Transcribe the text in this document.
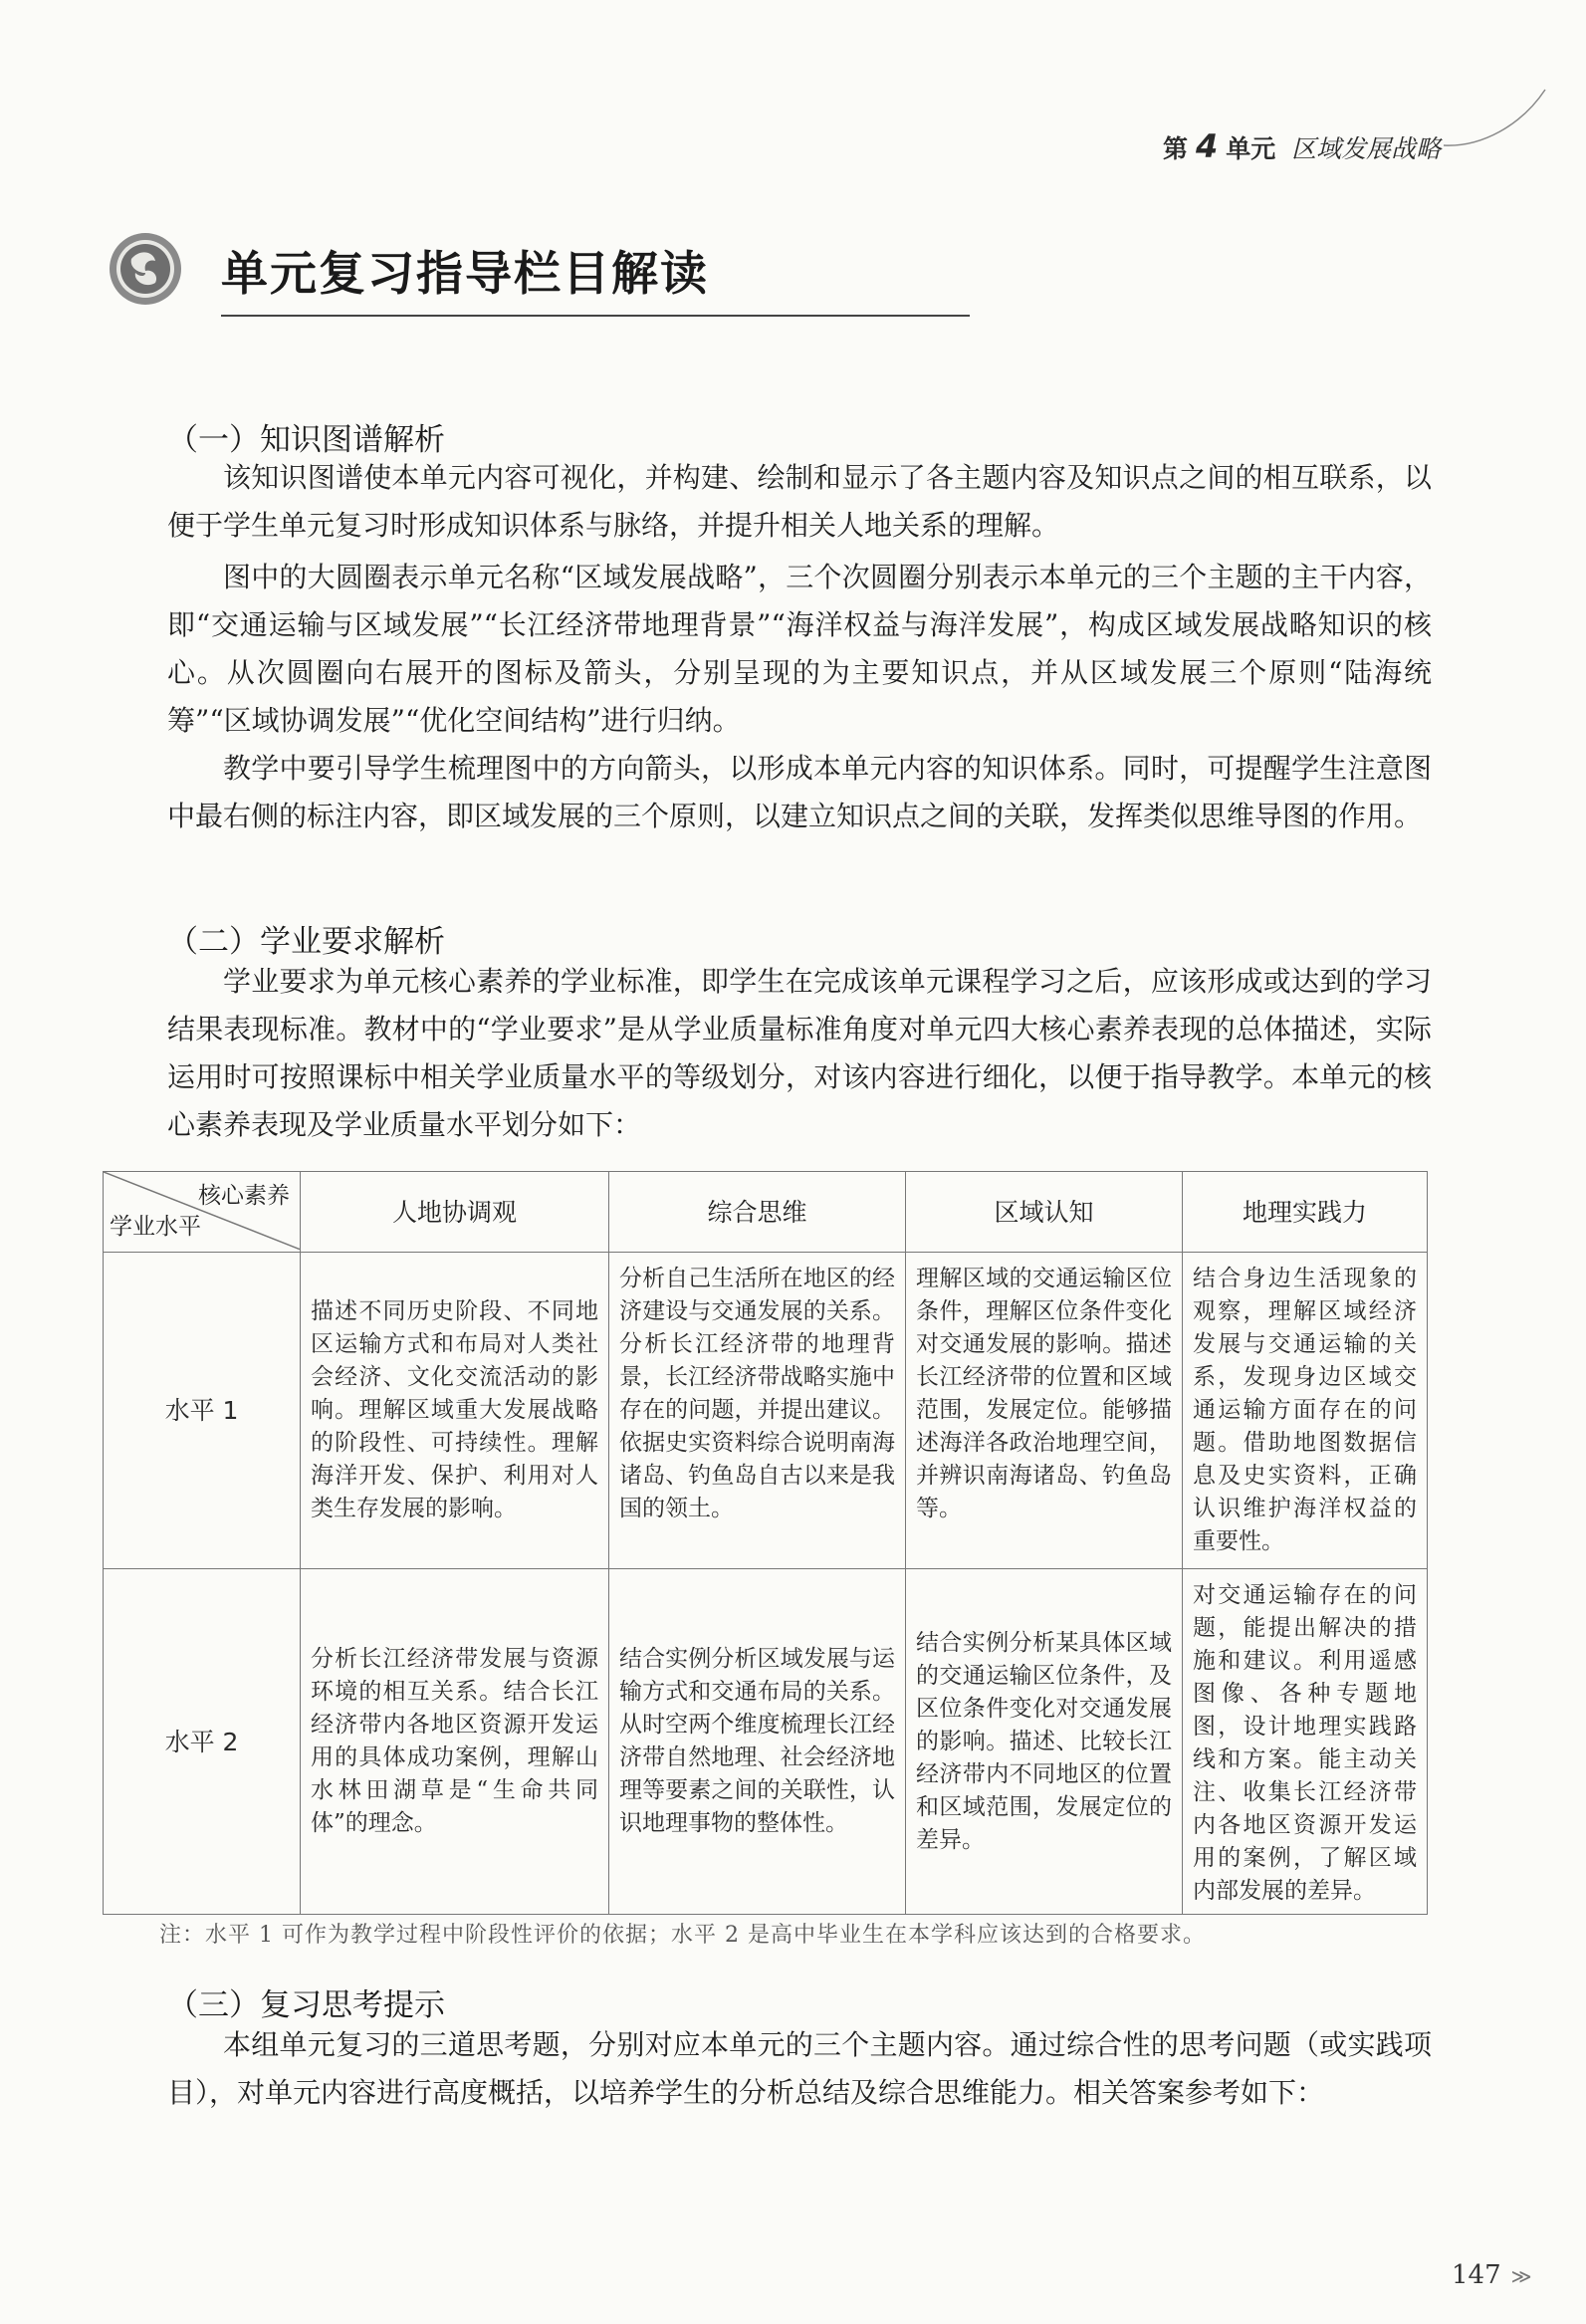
第 4 单元 区域发展战略
单元复习指导栏目解读
（一）知识图谱解析

该知识图谱使本单元内容可视化，并构建、绘制和显示了各主题内容及知识点之间的相互联系，以便于学生单元复习时形成知识体系与脉络，并提升相关人地关系的理解。

图中的大圆圈表示单元名称“区域发展战略”，三个次圆圈分别表示本单元的三个主题的主干内容，即“交通运输与区域发展”“长江经济带地理背景”“海洋权益与海洋发展”，构成区域发展战略知识的核心。从次圆圈向右展开的图标及箭头，分别呈现的为主要知识点，并从区域发展三个原则“陆海统筹”“区域协调发展”“优化空间结构”进行归纳。

教学中要引导学生梳理图中的方向箭头，以形成本单元内容的知识体系。同时，可提醒学生注意图中最右侧的标注内容，即区域发展的三个原则，以建立知识点之间的关联，发挥类似思维导图的作用。

（二）学业要求解析

学业要求为单元核心素养的学业标准，即学生在完成该单元课程学习之后，应该形成或达到的学习结果表现标准。教材中的“学业要求”是从学业质量标准角度对单元四大核心素养表现的总体描述，实际运用时可按照课标中相关学业质量水平的等级划分，对该内容进行细化，以便于指导教学。本单元的核心素养表现及学业质量水平划分如下：

核心素养
学业水平	人地协调观	综合思维	区域认知	地理实践力
水平 1	描述不同历史阶段、不同地区运输方式和布局对人类社会经济、文化交流活动的影响。理解区域重大发展战略的阶段性、可持续性。理解海洋开发、保护、利用对人类生存发展的影响。	分析自己生活所在地区的经济建设与交通发展的关系。分析长江经济带的地理背景，长江经济带战略实施中存在的问题，并提出建议。依据史实资料综合说明南海诸岛、钓鱼岛自古以来是我国的领土。	理解区域的交通运输区位条件，理解区位条件变化对交通发展的影响。描述长江经济带的位置和区域范围，发展定位。能够描述海洋各政治地理空间，并辨识南海诸岛、钓鱼岛等。	结合身边生活现象的观察，理解区域经济发展与交通运输的关系，发现身边区域交通运输方面存在的问题。借助地图数据信息及史实资料，正确认识维护海洋权益的重要性。
水平 2	分析长江经济带发展与资源环境的相互关系。结合长江经济带内各地区资源开发运用的具体成功案例，理解山水林田湖草是“生命共同体”的理念。	结合实例分析区域发展与运输方式和交通布局的关系。从时空两个维度梳理长江经济带自然地理、社会经济地理等要素之间的关联性，认识地理事物的整体性。	结合实例分析某具体区域的交通运输区位条件，及区位条件变化对交通发展的影响。描述、比较长江经济带内不同地区的位置和区域范围，发展定位的差异。	对交通运输存在的问题，能提出解决的措施和建议。利用遥感图像、各种专题地图，设计地理实践路线和方案。能主动关注、收集长江经济带内各地区资源开发运用的案例，了解区域内部发展的差异。
注：水平 1 可作为教学过程中阶段性评价的依据；水平 2 是高中毕业生在本学科应该达到的合格要求。
（三）复习思考提示

本组单元复习的三道思考题，分别对应本单元的三个主题内容。通过综合性的思考问题（或实践项目），对单元内容进行高度概括，以培养学生的分析总结及综合思维能力。相关答案参考如下：

147 ≫
